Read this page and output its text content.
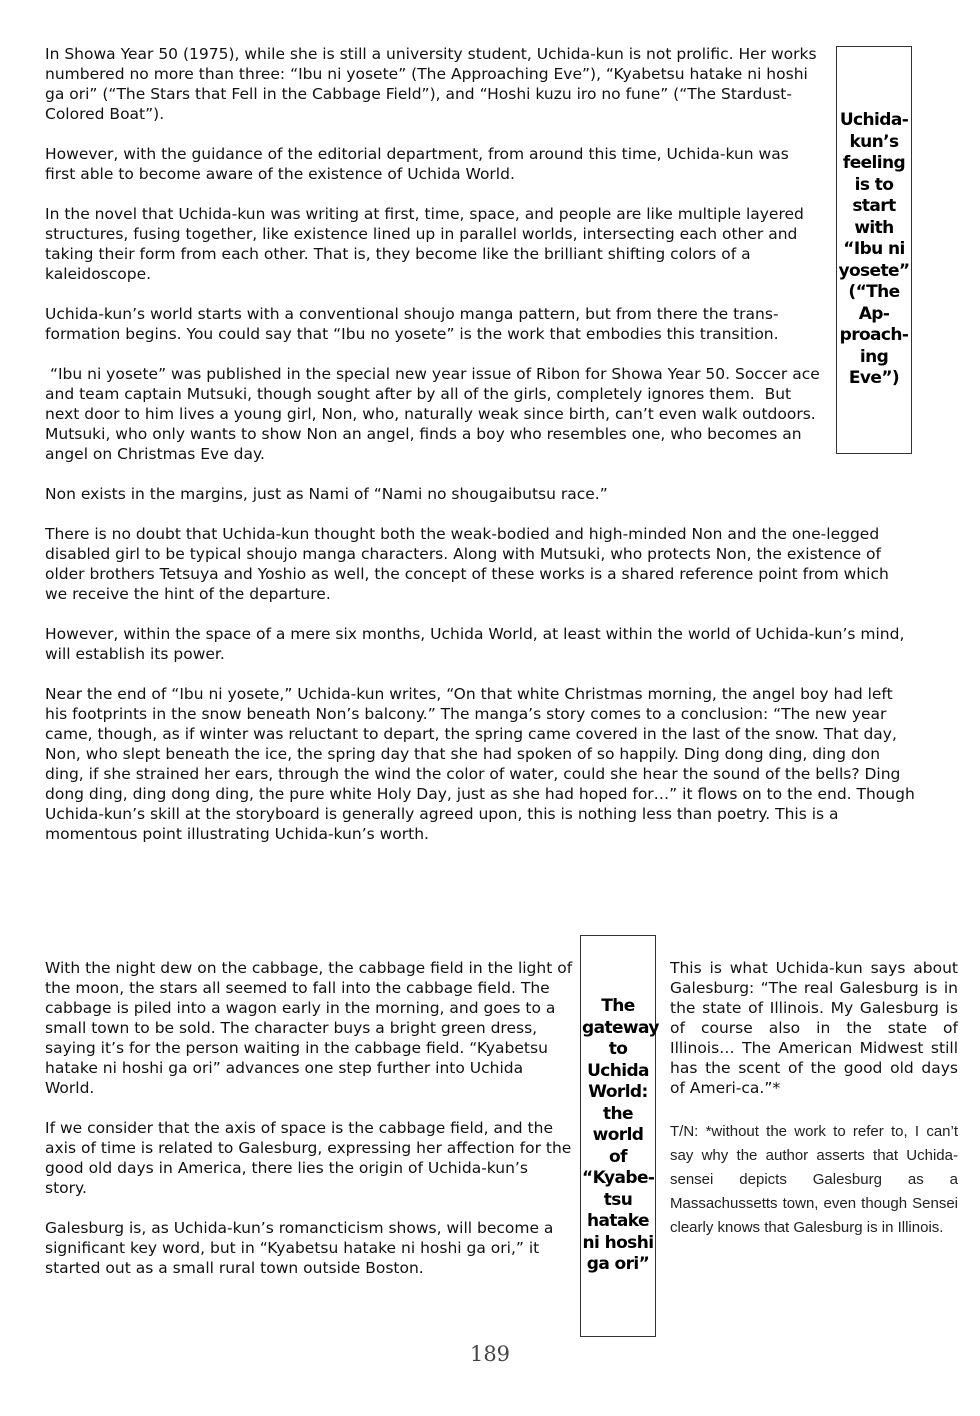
In Showa Year 50 (1975), while she is still a university student, Uchida-kun is not prolific. Her works numbered no more than three: “Ibu ni yosete” (The Approaching Eve”), “Kyabetsu hatake ni hoshi ga ori” (“The Stars that Fell in the Cabbage Field”), and “Hoshi kuzu iro no fune” (“The Stardust-Colored Boat”).

However, with the guidance of the editorial department, from around this time, Uchida-kun was first able to become aware of the existence of Uchida World.

In the novel that Uchida-kun was writing at first, time, space, and people are like multiple layered structures, fusing together, like existence lined up in parallel worlds, intersecting each other and taking their form from each other. That is, they become like the brilliant shifting colors of a kaleidoscope.

Uchida-kun’s world starts with a conventional shoujo manga pattern, but from there the trans-formation begins. You could say that “Ibu no yosete” is the work that embodies this transition.

“Ibu ni yosete” was published in the special new year issue of Ribon for Showa Year 50. Soccer ace and team captain Mutsuki, though sought after by all of the girls, completely ignores them.  But next door to him lives a young girl, Non, who, naturally weak since birth, can’t even walk outdoors. Mutsuki, who only wants to show Non an angel, finds a boy who resembles one, who becomes an angel on Christmas Eve day.

Non exists in the margins, just as Nami of “Nami no shougaibutsu race.”

There is no doubt that Uchida-kun thought both the weak-bodied and high-minded Non and the one-legged disabled girl to be typical shoujo manga characters. Along with Mutsuki, who protects Non, the existence of older brothers Tetsuya and Yoshio as well, the concept of these works is a shared reference point from which we receive the hint of the departure.

However, within the space of a mere six months, Uchida World, at least within the world of Uchida-kun’s mind, will establish its power.

Near the end of “Ibu ni yosete,” Uchida-kun writes, “On that white Christmas morning, the angel boy had left his footprints in the snow beneath Non’s balcony.” The manga’s story comes to a conclusion: “The new year came, though, as if winter was reluctant to depart, the spring came covered in the last of the snow. That day, Non, who slept beneath the ice, the spring day that she had spoken of so happily. Ding dong ding, ding don ding, if she strained her ears, through the wind the color of water, could she hear the sound of the bells? Ding dong ding, ding dong ding, the pure white Holy Day, just as she had hoped for…” it flows on to the end. Though Uchida-kun’s skill at the storyboard is generally agreed upon, this is nothing less than poetry. This is a momentous point illustrating Uchida-kun’s worth.

Uchida-kun’s feeling is to start with “Ibu ni yosete” (“The Ap-proach-ing Eve”)

With the night dew on the cabbage, the cabbage field in the light of the moon, the stars all seemed to fall into the cabbage field. The cabbage is piled into a wagon early in the morning, and goes to a small town to be sold. The character buys a bright green dress, saying it’s for the person waiting in the cabbage field. “Kyabetsu hatake ni hoshi ga ori” advances one step further into Uchida World.

If we consider that the axis of space is the cabbage field, and the axis of time is related to Galesburg, expressing her affection for the good old days in America, there lies the origin of Uchida-kun’s story.

Galesburg is, as Uchida-kun’s romancticism shows, will become a significant key word, but in “Kyabetsu hatake ni hoshi ga ori,” it started out as a small rural town outside Boston.

The gateway to Uchida World: the world of “Kyabe-tsu hatake ni hoshi ga ori”

This is what Uchida-kun says about Galesburg: “The real Galesburg is in the state of Illinois. My Galesburg is of course also in the state of Illinois… The American Midwest still has the scent of the good old days of Ameri-ca.”*

T/N: *without the work to refer to, I can’t say why the author asserts that Uchida-sensei depicts Galesburg as a Massachussetts town, even though Sensei clearly knows that Galesburg is in Illinois.

189
